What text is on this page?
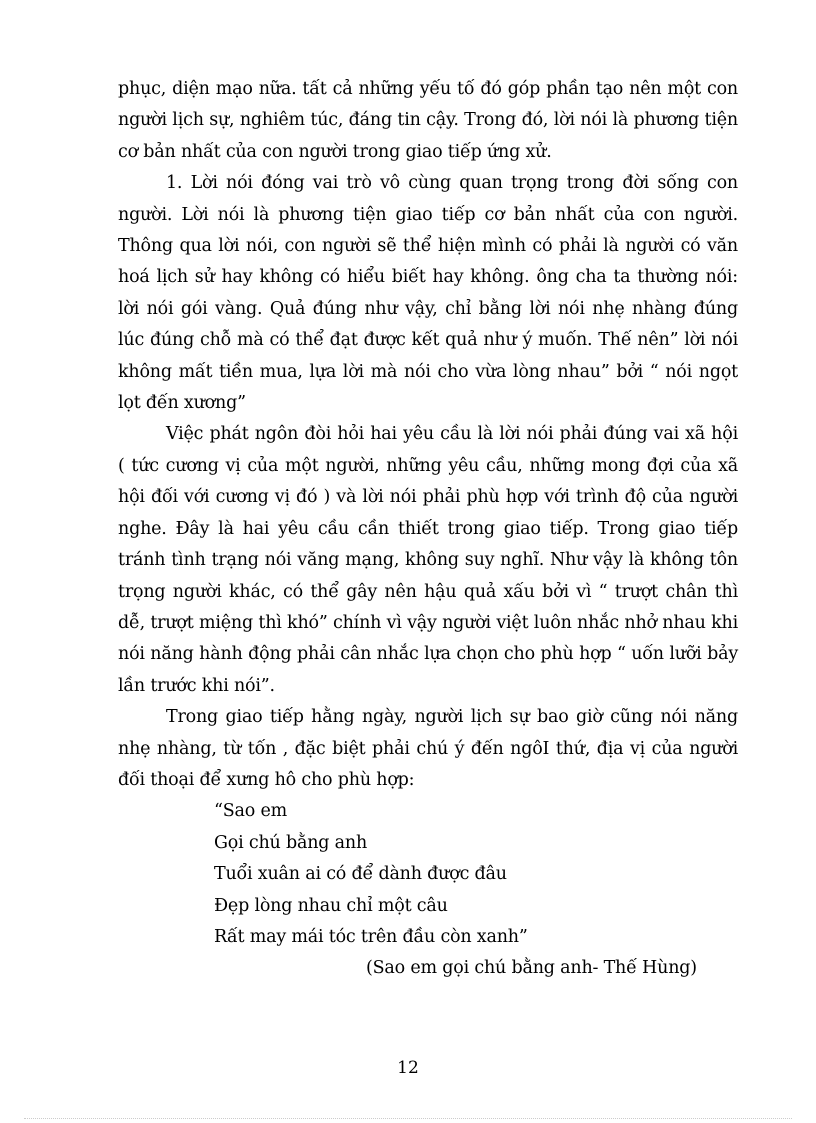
phục, diện mạo nữa. tất cả những yếu tố đó góp phần tạo nên một con người lịch sự, nghiêm túc, đáng tin cậy. Trong đó, lời nói là phương tiện cơ bản nhất của con người trong giao tiếp ứng xử.

1. Lời nói đóng vai trò vô cùng quan trọng trong đời sống con người. Lời nói là phương tiện giao tiếp cơ bản nhất của con người. Thông qua lời nói, con người sẽ thể hiện mình có phải là người có văn hoá lịch sử hay không có hiểu biết hay không. ông cha ta thường nói: lời nói gói vàng. Quả đúng như vậy, chỉ bằng lời nói nhẹ nhàng đúng lúc đúng chỗ mà có thể đạt được kết quả như ý muốn. Thế nên” lời nói không mất tiền mua, lựa lời mà nói cho vừa lòng nhau” bởi “ nói ngọt lọt đến xương”

Việc phát ngôn đòi hỏi hai yêu cầu là lời nói phải đúng vai xã hội ( tức cương vị của một người, những yêu cầu, những mong đợi của xã hội đối với cương vị đó ) và lời nói phải phù hợp với trình độ của người nghe. Đây là hai yêu cầu cần thiết trong giao tiếp. Trong giao tiếp tránh tình trạng nói văng mạng, không suy nghĩ. Như vậy là không tôn trọng người khác, có thể gây nên hậu quả xấu bởi vì “ trượt chân thì dễ, trượt miệng thì khó” chính vì vậy người việt luôn nhắc nhở nhau khi nói năng hành động phải cân nhắc lựa chọn cho phù hợp “ uốn lưỡi bảy lần trước khi nói”.

Trong giao tiếp hằng ngày, người lịch sự bao giờ cũng nói năng nhẹ nhàng, từ tốn , đặc biệt phải chú ý đến ngôI thứ, địa vị của người đối thoại để xưng hô cho phù hợp:

“Sao em
Gọi chú bằng anh
Tuổi xuân ai có để dành được đâu
Đẹp lòng nhau chỉ một câu
Rất may mái tóc trên đầu còn xanh”
(Sao em gọi chú bằng anh- Thế Hùng)
12
